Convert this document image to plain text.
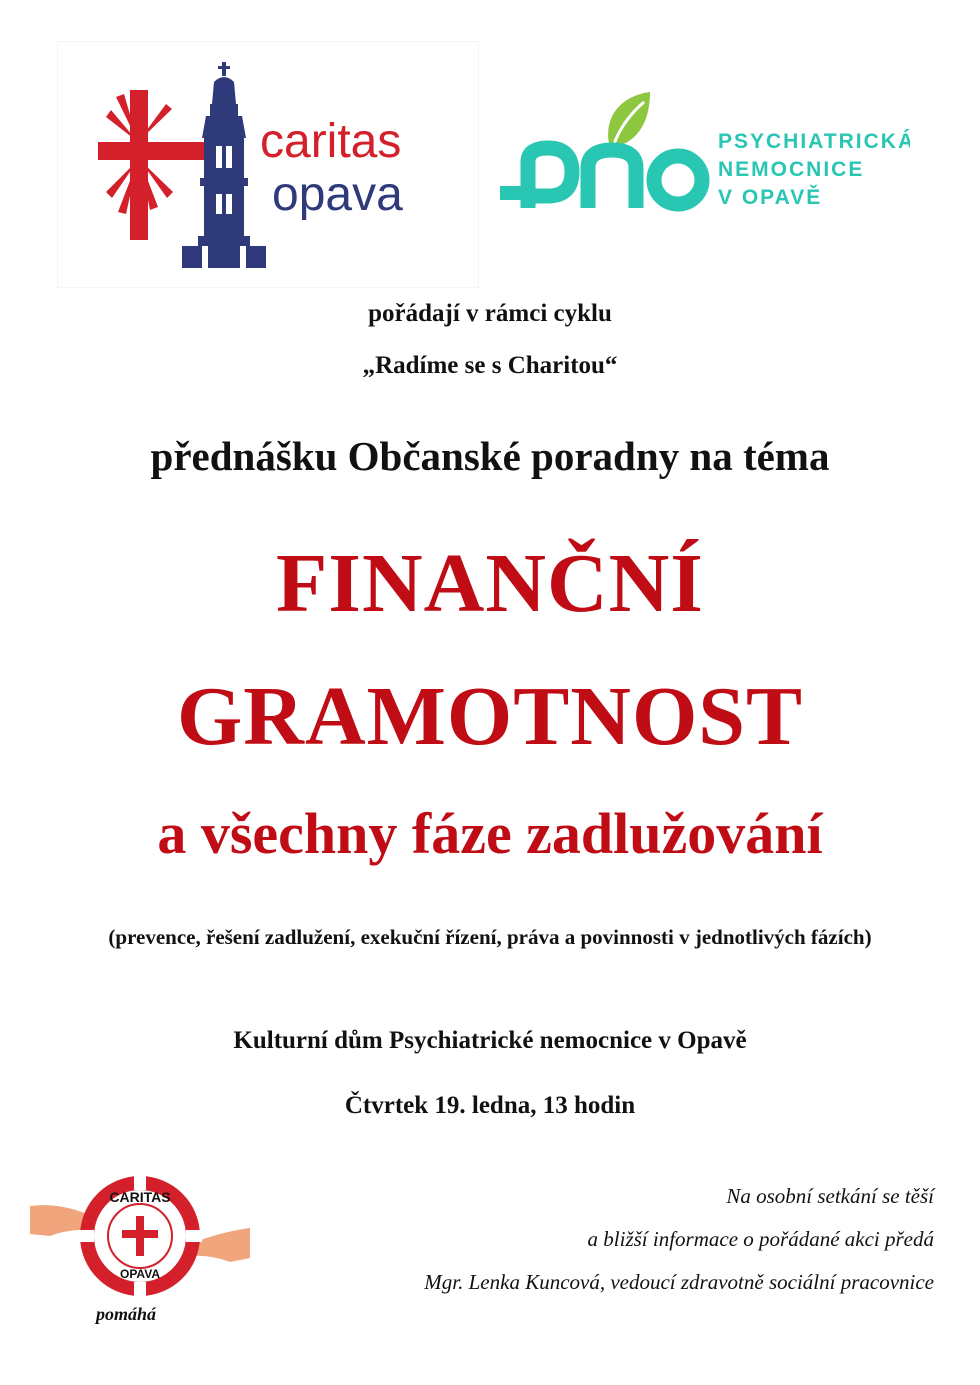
caritas
opava
PSYCHIATRICKÁ
NEMOCNICE
V OPAVĚ
pořádají v rámci cyklu
„Radíme se s Charitou“
přednášku Občanské poradny na téma
FINANČNÍ
GRAMOTNOST
a všechny fáze zadlužování
(prevence, řešení zadlužení, exekuční řízení, práva a povinnosti v jednotlivých fázích)
Kulturní dům Psychiatrické nemocnice v Opavě
Čtvrtek 19. ledna, 13 hodin
CARITAS
OPAVA
pomáhá
Na osobní setkání se těší
a bližší informace o pořádané akci předá
Mgr. Lenka Kuncová, vedoucí zdravotně sociální pracovnice
